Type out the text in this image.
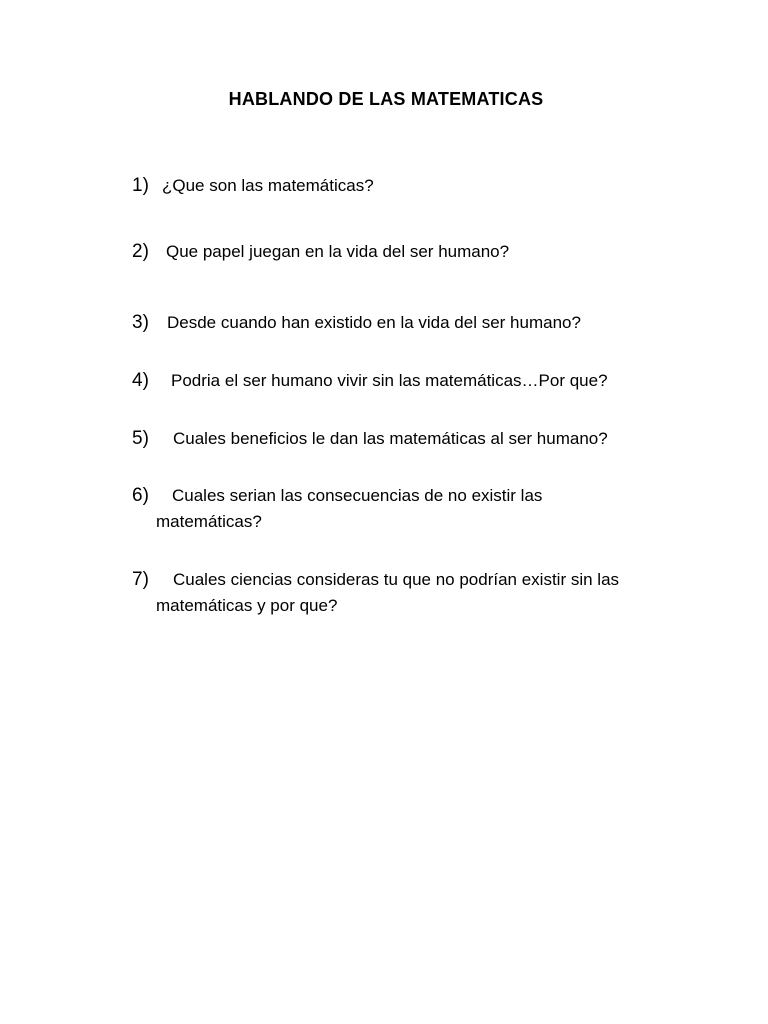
HABLANDO DE LAS MATEMATICAS

1) ¿Que son las matemáticas?

2) Que papel juegan en la vida del ser humano?

3) Desde cuando han existido en la vida del ser humano?

4) Podria el ser humano vivir sin las matemáticas…Por que?

5) Cuales beneficios le dan las matemáticas al ser humano?

6) Cuales serian las consecuencias de no existir las
matemáticas?

7) Cuales ciencias consideras tu que no podrían existir sin las
matemáticas y por que?
